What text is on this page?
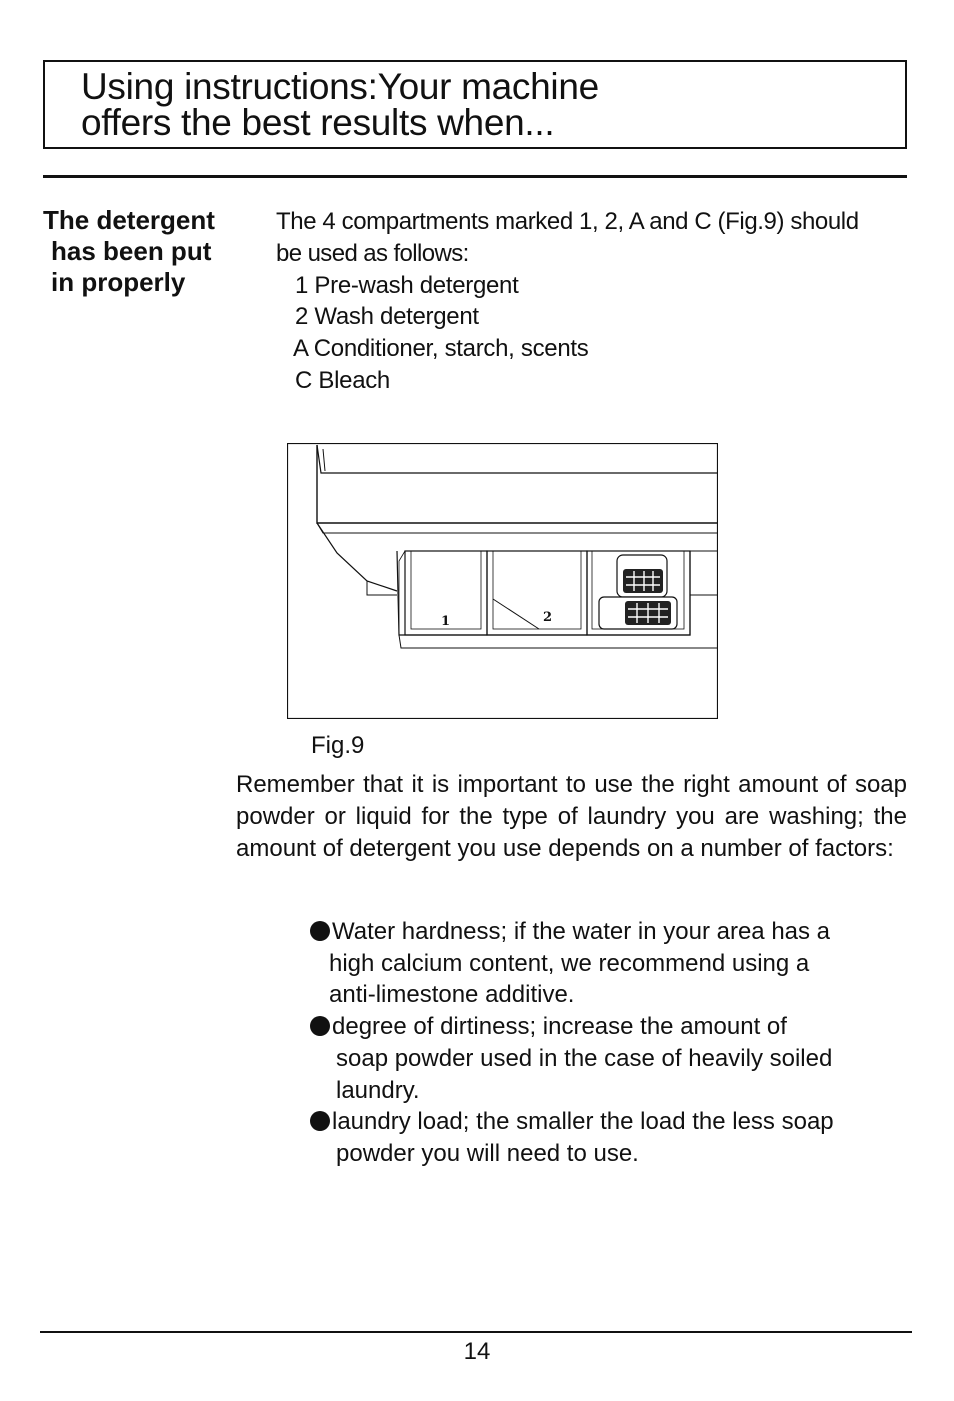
Using instructions:Your machine
offers the best results when...
The detergent
has been put
in properly
The 4 compartments marked 1, 2, A and C (Fig.9) should
be used as follows:
1 Pre-wash detergent
2 Wash detergent
A Conditioner, starch, scents
C Bleach
1	2
Fig.9
Remember that it is important to use the right amount of soap powder or liquid for the type of laundry you are washing; the amount of detergent you use depends on a number of factors:
Water hardness; if the water in your area has a
high calcium content, we recommend using a
anti-limestone additive.
degree of dirtiness; increase the amount of
soap powder used in the case of heavily soiled
laundry.
laundry load; the smaller the load the less soap
powder you will need to use.
14
